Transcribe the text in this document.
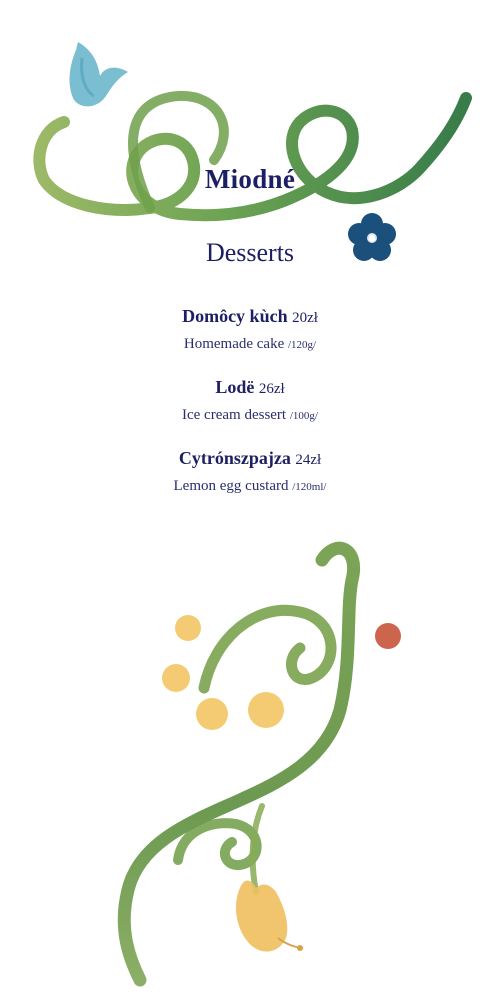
Miodné
Desserts
Domôcy kùch 20zł
Homemade cake /120g/
Lodë 26zł
Ice cream dessert /100g/
Cytrónszpajza 24zł
Lemon egg custard /120ml/
